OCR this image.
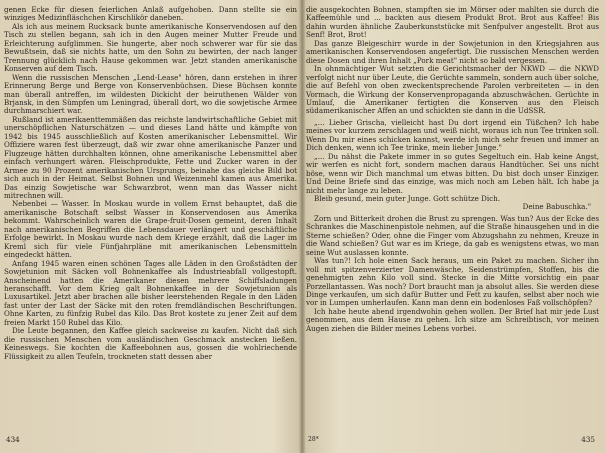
genen Ecke für diesen feierlichen Anlaß aufgehoben. Dann stellte sie ein winziges Medizinfläschchen Kirschlikör daneben.

Als ich aus meinem Rucksack bunte amerikanische Konservendosen auf den Tisch zu stellen begann, sah ich in den Augen meiner Mutter Freude und Erleichterung aufglimmen. Sie hungerte, aber noch schwerer war für sie das Bewußtsein, daß sie nichts hatte, um den Sohn zu bewirten, der nach langer Trennung glücklich nach Hause gekommen war. Jetzt standen amerikanische Konserven auf dem Tisch.

Wenn die russischen Menschen „Lend-Lease" hören, dann erstehen in ihrer Erinnerung Berge und Berge von Konservenbüchsen. Diese Büchsen konnte man überall antreffen, im wildesten Dickicht der beiruthenen Wälder von Brjansk, in den Sümpfen um Leningrad, überall dort, wo die sowjetische Armee durchmarschiert war.

Rußland ist amerikaenttemmäßen das reichste landwirtschaftliche Gebiet mit unerschöpflichen Naturschätzen — und dieses Land hätte und kämpfte von 1942 bis 1945 ausschließlich auf Kosten amerikanischer Lebensmittel. Wir Offiziere waren fest überzeugt, daß wir zwar ohne amerikanische Panzer und Flugzeuge hätten durchhalten können, ohne amerikanische Lebensmittel aber einfach verhungert wären. Fleischprodukte, Fette und Zucker waren in der Armee zu 90 Prozent amerikanischen Ursprungs, beinahe das gleiche Bild bot sich auch in der Heimat. Selbst Bohnen und Weizenmehl kamen aus Amerika. Das einzig Sowjetische war Schwarzbrot, wenn man das Wasser nicht mitrechnen will.

Nebenbei — Wasser. In Moskau wurde in vollem Ernst behauptet, daß die amerikanische Botschaft selbst Wasser in Konservendosen aus Amerika bekommt. Wahrscheinlich waren die Grape-fruit-Dosen gemeint, deren Inhalt nach amerikanischen Begriffen die Lebensdauer verlängert und geschäftliche Erfolge bewirkt. In Moskau wurde nach dem Kriege erzählt, daß die Lager im Kreml sich für viele Fünfjahrpläne mit amerikanischen Lebensmitteln eingedeckt hätten.

Anfang 1945 waren einen schönen Tages alle Läden in den Großstädten der Sowjetunion mit Säcken voll Bohnenkaffee als Industrieabfall vollgestopft. Anscheinend hatten die Amerikaner diesen mehrere Schiffsladungen heranschafft. Vor dem Krieg galt Bohnenkaffee in der Sowjetunion als Luxusartikel. Jetzt aber brachen alle bisher leerstehenden Regale in den Läden fast unter der Last der Säcke mit den roten fremdländischen Beschriftungen. Ohne Karten, zu fünfzig Rubel das Kilo. Das Brot kostete zu jener Zeit auf dem freien Markt 150 Rubel das Kilo.

Die Leute begannen, den Kaffee gleich sackweise zu kaufen. Nicht daß sich die russischen Menschen vom ausländischen Geschmack anstecken ließen. Keineswegs. Sie kochten die Kaffeebohnen aus, gossen die wohlriechende Flüssigkeit zu allen Teufeln, trockneten statt dessen aber

434

die ausgekochten Bohnen, stampften sie im Mörser oder mahlten sie durch die Kaffeemühle und ... backten aus diesem Produkt Brot. Brot aus Kaffee! Bis dahin wurden ähnliche Zauberkunststücke mit Senfpulver angestellt. Brot aus Senf! Brot, Brot!

Das ganze Bleigeschirr wurde in der Sowjetunion in den Kriegsjahren aus amerikanischen Konservendosen angefertigt. Die russischen Menschen werden diese Dosen und ihren Inhalt „Pork meat" nicht so bald vergessen.

In ohnmächtiger Wut setzten die Gerichtsmacher der NKWD — die NKWD verfolgt nicht nur über Leute, die Gerüchte sammeln, sondern auch über solche, die auf Befehl von oben zweckentsprechende Parolen verbreiteten — in den Vormach, die Wirkung der Konservenpropaganda abzuschwächen. Gerüchte in Umlauf, die Amerikaner fertigten die Konserven aus den Fleisch südamerikanischer Affen an und schickten sie dann in die UdSSR.

„... Lieber Grischa, vielleicht hast Du dort irgend ein Tüßchen? Ich habe meines vor kurzem zerschlagen und weiß nicht, woraus ich nun Tee trinken soll. Wenn Du mir eines schicken kannst, werde ich mich sehr freuen und immer an Dich denken, wenn ich Tee trinke, mein lieber Junge."

„... Du nähst die Pakete immer in so gutes Segeltuch ein. Hab keine Angst, wir werfen es nicht fort, sondern machen daraus Handtücher. Sei uns nicht böse, wenn wir Dich manchmal um etwas bitten. Du bist doch unser Einziger. Und Deine Briefe sind das einzige, was mich noch am Leben hält. Ich habe ja nicht mehr lange zu leben.

Bleib gesund, mein guter Junge. Gott schütze Dich.

Deine Babuschka."

Zorn und Bitterkeit drohen die Brust zu sprengen. Was tun? Aus der Ecke des Schrankes die Maschinenpistole nehmen, auf die Straße hinausgehen und in die Sterne schießen? Oder, ohne die Finger vom Abzugshahn zu nehmen, Kreuze in die Wand schießen? Gut war es im Kriege, da gab es wenigstens etwas, wo man seine Wut auslassen konnte.

Was tun?! Ich hole einen Sack heraus, um ein Paket zu machen. Sicher ihn voll mit spitzenverzierter Damenwäsche, Seidenstrümpfen, Stoffen, bis die genehmigten zehn Kilo voll sind. Stecke in die Mitte vorsichtig ein paar Porzellantassen. Was noch? Dort braucht man ja absolut alles. Sie werden diese Dinge verkaufen, um sich dafür Butter und Fett zu kaufen, selbst aber noch wie vor in Lumpen umherlaufen. Kann man denn ein bodenloses Faß vollschöpfen?

Ich habe heute abend irgendwohin gehen wollen. Der Brief hat mir jede Lust genommen, aus dem Hause zu gehen. Ich sitze am Schreibtisch, vor meinen Augen ziehen die Bilder meines Lebens vorbei.

28*	435
